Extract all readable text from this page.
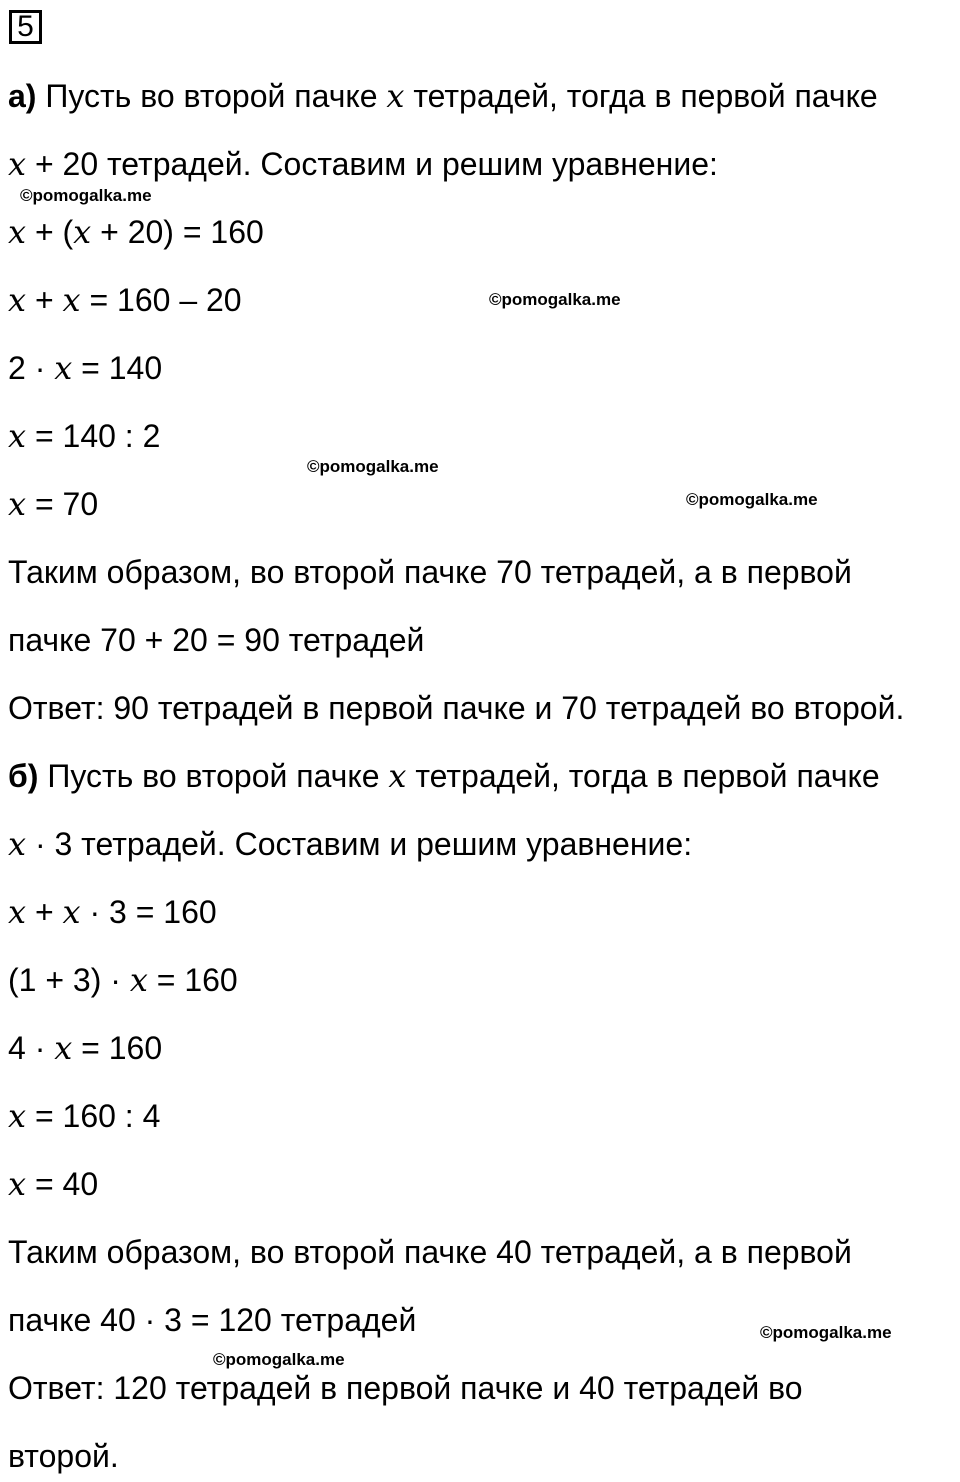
5
а) Пусть во второй пачке 𝑥 тетрадей, тогда в первой пачке
𝑥 + 20 тетрадей. Составим и решим уравнение:
𝑥 + (𝑥 + 20) = 160
𝑥 + 𝑥 = 160 – 20
2 · 𝑥 = 140
𝑥 = 140 : 2
𝑥 = 70
Таким образом, во второй пачке 70 тетрадей, а в первой
пачке 70 + 20 = 90 тетрадей
Ответ: 90 тетрадей в первой пачке и 70 тетрадей во второй.
б) Пусть во второй пачке 𝑥 тетрадей, тогда в первой пачке
𝑥 · 3 тетрадей. Составим и решим уравнение:
𝑥 + 𝑥 · 3 = 160
(1 + 3) · 𝑥 = 160
4 · 𝑥 = 160
𝑥 = 160 : 4
𝑥 = 40
Таким образом, во второй пачке 40 тетрадей, а в первой
пачке 40 · 3 = 120 тетрадей
Ответ: 120 тетрадей в первой пачке и 40 тетрадей во
второй.
©pomogalka.me
©pomogalka.me
©pomogalka.me
©pomogalka.me
©pomogalka.me
©pomogalka.me
